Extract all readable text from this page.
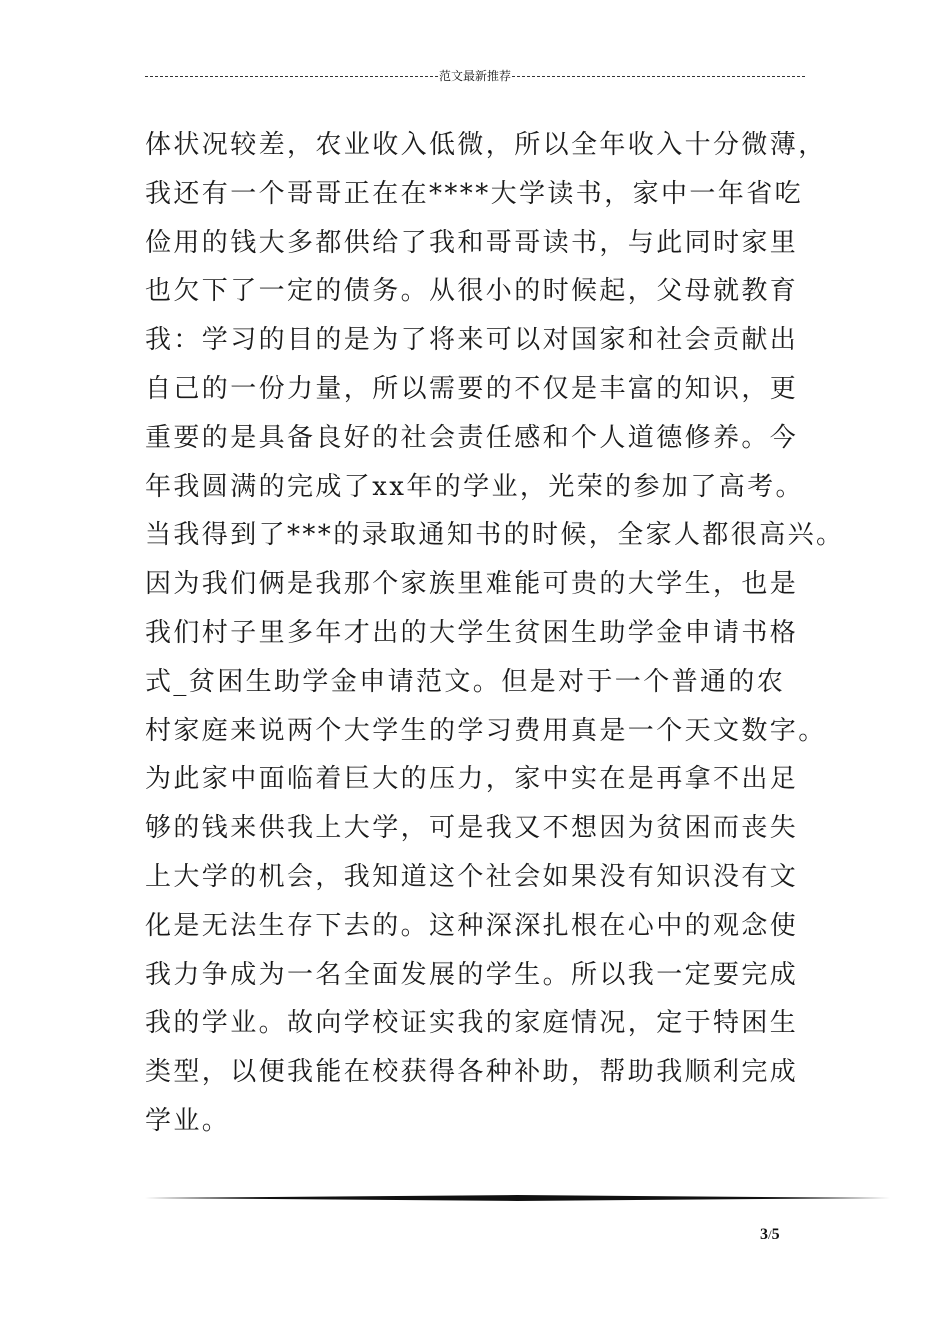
范文最新推荐
体状况较差，农业收入低微，所以全年收入十分微薄，
我还有一个哥哥正在在****大学读书，家中一年省吃
俭用的钱大多都供给了我和哥哥读书，与此同时家里
也欠下了一定的债务。从很小的时候起，父母就教育
我：学习的目的是为了将来可以对国家和社会贡献出
自己的一份力量，所以需要的不仅是丰富的知识，更
重要的是具备良好的社会责任感和个人道德修养。今
年我圆满的完成了xx年的学业，光荣的参加了高考。
当我得到了***的录取通知书的时候，全家人都很高兴。
因为我们俩是我那个家族里难能可贵的大学生，也是
我们村子里多年才出的大学生贫困生助学金申请书格
式_贫困生助学金申请范文。但是对于一个普通的农
村家庭来说两个大学生的学习费用真是一个天文数字。
为此家中面临着巨大的压力，家中实在是再拿不出足
够的钱来供我上大学，可是我又不想因为贫困而丧失
上大学的机会，我知道这个社会如果没有知识没有文
化是无法生存下去的。这种深深扎根在心中的观念使
我力争成为一名全面发展的学生。所以我一定要完成
我的学业。故向学校证实我的家庭情况，定于特困生
类型，以便我能在校获得各种补助，帮助我顺利完成
学业。
3/5
